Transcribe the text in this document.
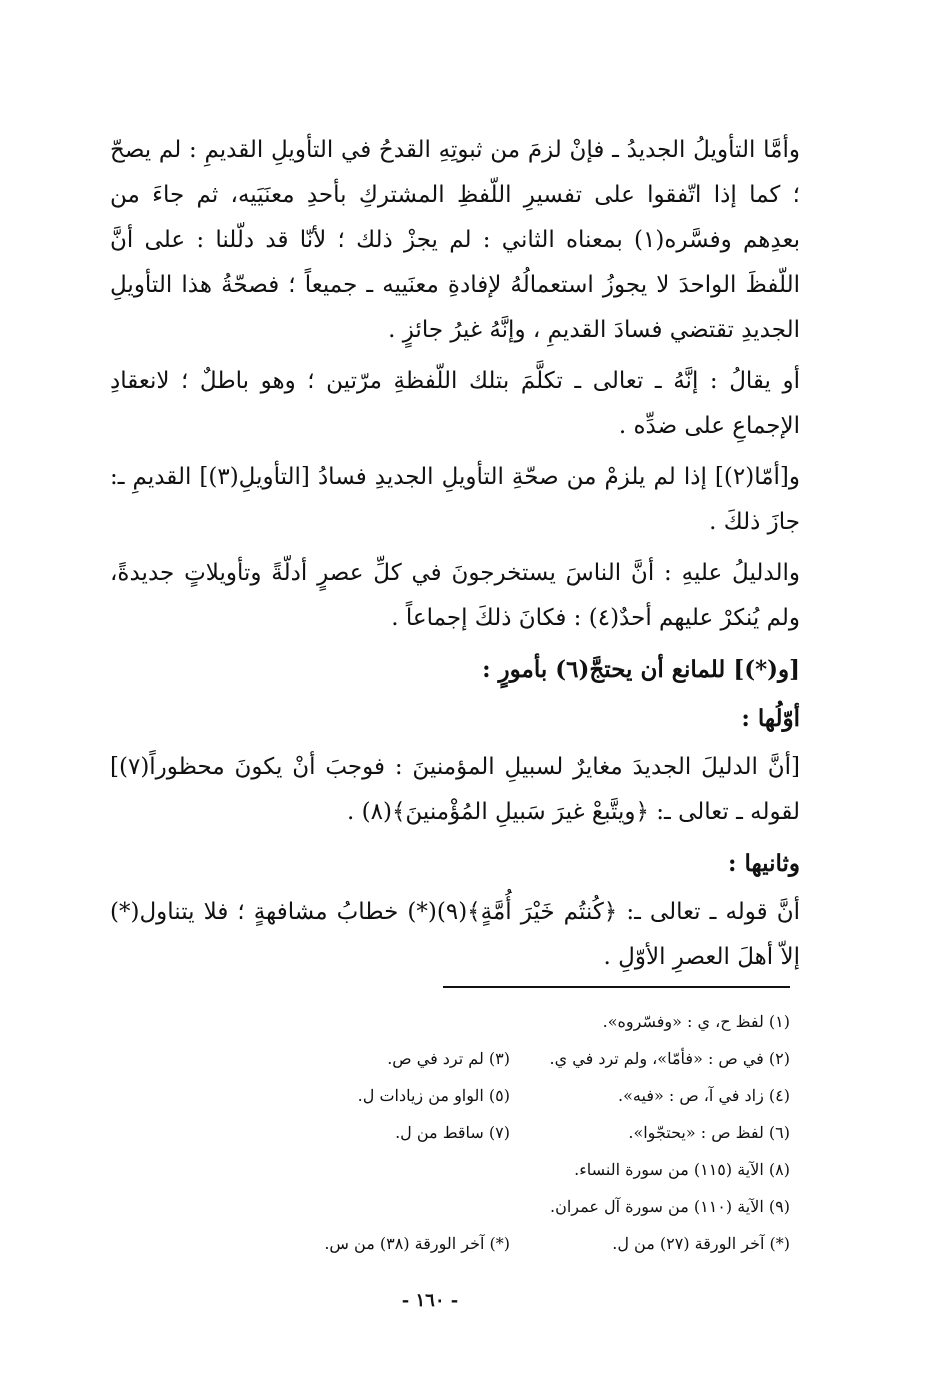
وأمَّا التأويلُ الجديدُ ـ فإنْ لزمَ من ثبوتِهِ القدحُ في التأويلِ القديمِ : لم يصحّ ؛ كما إذا اتّفقوا على تفسيرِ اللّفظِ المشتركِ بأحدِ معنَيَيه، ثم جاءَ من بعدِهم وفسَّره(١) بمعناه الثاني : لم يجزْ ذلك ؛ لأنّا قد دلّلنا : على أنَّ اللّفظَ الواحدَ لا يجوزُ استعمالُهُ لإفادةِ معنَييه ـ جميعاً ؛ فصحّةُ هذا التأويلِ الجديدِ تقتضي فسادَ القديمِ ، وإنَّهُ غيرُ جائزٍ .

أو يقالُ : إنَّهُ ـ تعالى ـ تكلَّمَ بتلك اللّفظةِ مرّتين ؛ وهو باطلٌ ؛ لانعقادِ الإجماعِ على ضدِّه .

و[أمّا(٢)] إذا لم يلزمْ من صحّةِ التأويلِ الجديدِ فسادُ [التأويلِ(٣)] القديمِ ـ: جازَ ذلكَ .

والدليلُ عليهِ : أنَّ الناسَ يستخرجونَ في كلِّ عصرٍ أدلّةً وتأويلاتٍ جديدةً، ولم يُنكرْ عليهم أحدٌ(٤) : فكانَ ذلكَ إجماعاً .

[و(*)] للمانع أن يحتجَّ(٦) بأمورٍ :

أوّلُها :

[أنَّ الدليلَ الجديدَ مغايرٌ لسبيلِ المؤمنينَ : فوجبَ أنْ يكونَ محظوراً(٧)] لقوله ـ تعالى ـ: ﴿ويتَّبعْ غيرَ سَبيلِ المُؤْمنينَ﴾(٨) .

وثانيها :

أنَّ قوله ـ تعالى ـ: ﴿كُنتُم خَيْرَ أُمَّةٍ﴾(٩)(*) خطابُ مشافهةٍ ؛ فلا يتناول(*) إلاّ أهلَ العصرِ الأوّلِ .

(١) لفظ ح، ي : «وفسّروه».
(٢) في ص : «فأمّا»، ولم ترد في ي.
(٣) لم ترد في ص.
(٤) زاد في آ، ص : «فيه».
(٥) الواو من زيادات ل.
(٦) لفظ ص : «يحتجّوا».
(٧) ساقط من ل.
(٨) الآية (١١٥) من سورة النساء.
(٩) الآية (١١٠) من سورة آل عمران.
(*) آخر الورقة (٢٧) من ل.
(*) آخر الورقة (٣٨) من س.
- ١٦٠ -
